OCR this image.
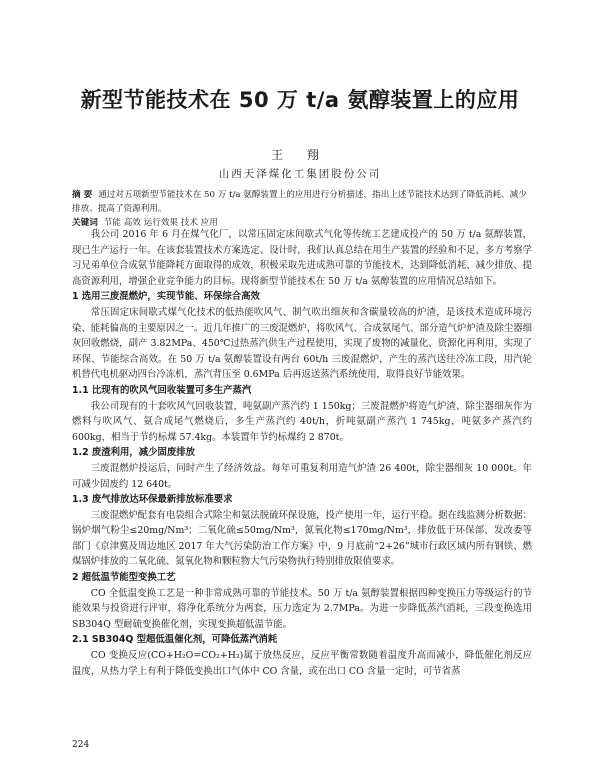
新型节能技术在 50 万 t/a 氨醇装置上的应用
王 翔
山西天泽煤化工集团股份公司

摘 要 通过对五项新型节能技术在 50 万 t/a 氨醇装置上的应用进行分析描述，指出上述节能技术达到了降低消耗、减少排放、提高了资源利用。

关键词 节能 高效 运行效果 技术 应用

我公司 2016 年 6 月在煤气化厂，以常压固定床间歇式气化等传统工艺建成投产的 50 万 t/a 氨醇装置，现已生产运行一年。在该套装置技术方案选定、设计时，我们认真总结在用生产装置的经验和不足，多方考察学习兄弟单位合成氨节能降耗方面取得的成效，积极采取先进成熟可靠的节能技术，达到降低消耗、减少排放、提高资源利用，增强企业竞争能力的目标。现将新型节能技术在 50 万 t/a 氨醇装置的应用情况总结如下。

1 选用三废混燃炉，实现节能、环保综合高效

常压固定床间歇式煤气化技术的低热能吹风气、制气吹出细灰和含碳量较高的炉渣，是该技术造成环境污染、能耗偏高的主要原因之一。近几年推广的三废混燃炉，将吹风气、合成氨尾气、部分造气炉炉渣及除尘器细灰回收燃烧，副产 3.82MPa、450℃过热蒸汽供生产过程使用，实现了废物的减量化、资源化再利用，实现了环保、节能综合高效。在 50 万 t/a 氨醇装置设有两台 60t/h 三废混燃炉，产生的蒸汽送往冷冻工段，用汽轮机替代电机驱动四台冷冻机，蒸汽背压至 0.6MPa 后再返送蒸汽系统使用，取得良好节能效果。

1.1 比现有的吹风气回收装置可多生产蒸汽

我公司现有的十套吹风气回收装置，吨氨副产蒸汽约 1 150kg；三废混燃炉将造气炉渣、除尘器细灰作为燃料与吹风气、氨合成尾气燃烧后，多生产蒸汽约 40t/h，折吨氨副产蒸汽 1 745kg，吨氨多产蒸汽约 600kg，相当于节约标煤 57.4kg。本装置年节约标煤约 2 870t。

1.2 废渣利用，减少固废排放

三废混燃炉投运后，同时产生了经济效益。每年可重复利用造气炉渣 26 400t，除尘器细灰 10 000t。年可减少固废约 12 640t。

1.3 废气排放达环保最新排放标准要求

三废混燃炉配套有电袋组合式除尘和氨法脱硫环保设施，投产使用一年，运行平稳。据在线监测分析数据：锅炉烟气粉尘≤20mg/Nm³；二氧化硫≤50mg/Nm³，氮氧化物≤170mg/Nm³，排放低于环保部、发改委等部门《京津冀及周边地区 2017 年大气污染防治工作方案》中，9 月底前“2+26”城市行政区域内所有钢铁、燃煤锅炉排放的二氧化硫、氮氧化物和颗粒物大气污染物执行特别排放限值要求。

2 超低温节能型变换工艺

CO 全低温变换工艺是一种非常成熟可靠的节能技术。50 万 t/a 氨醇装置根据四种变换压力等级运行的节能效果与投资进行评审，将净化系统分为两套，压力选定为 2.7MPa。为进一步降低蒸汽消耗，三段变换选用 SB304Q 型耐硫变换催化剂，实现变换超低温节能。

2.1 SB304Q 型超低温催化剂，可降低蒸汽消耗

CO 变换反应(CO+H₂O=CO₂+H₂)属于放热反应，反应平衡常数随着温度升高而减小，降低催化剂反应温度，从热力学上有利于降低变换出口气体中 CO 含量，或在出口 CO 含量一定时，可节省蒸

224
